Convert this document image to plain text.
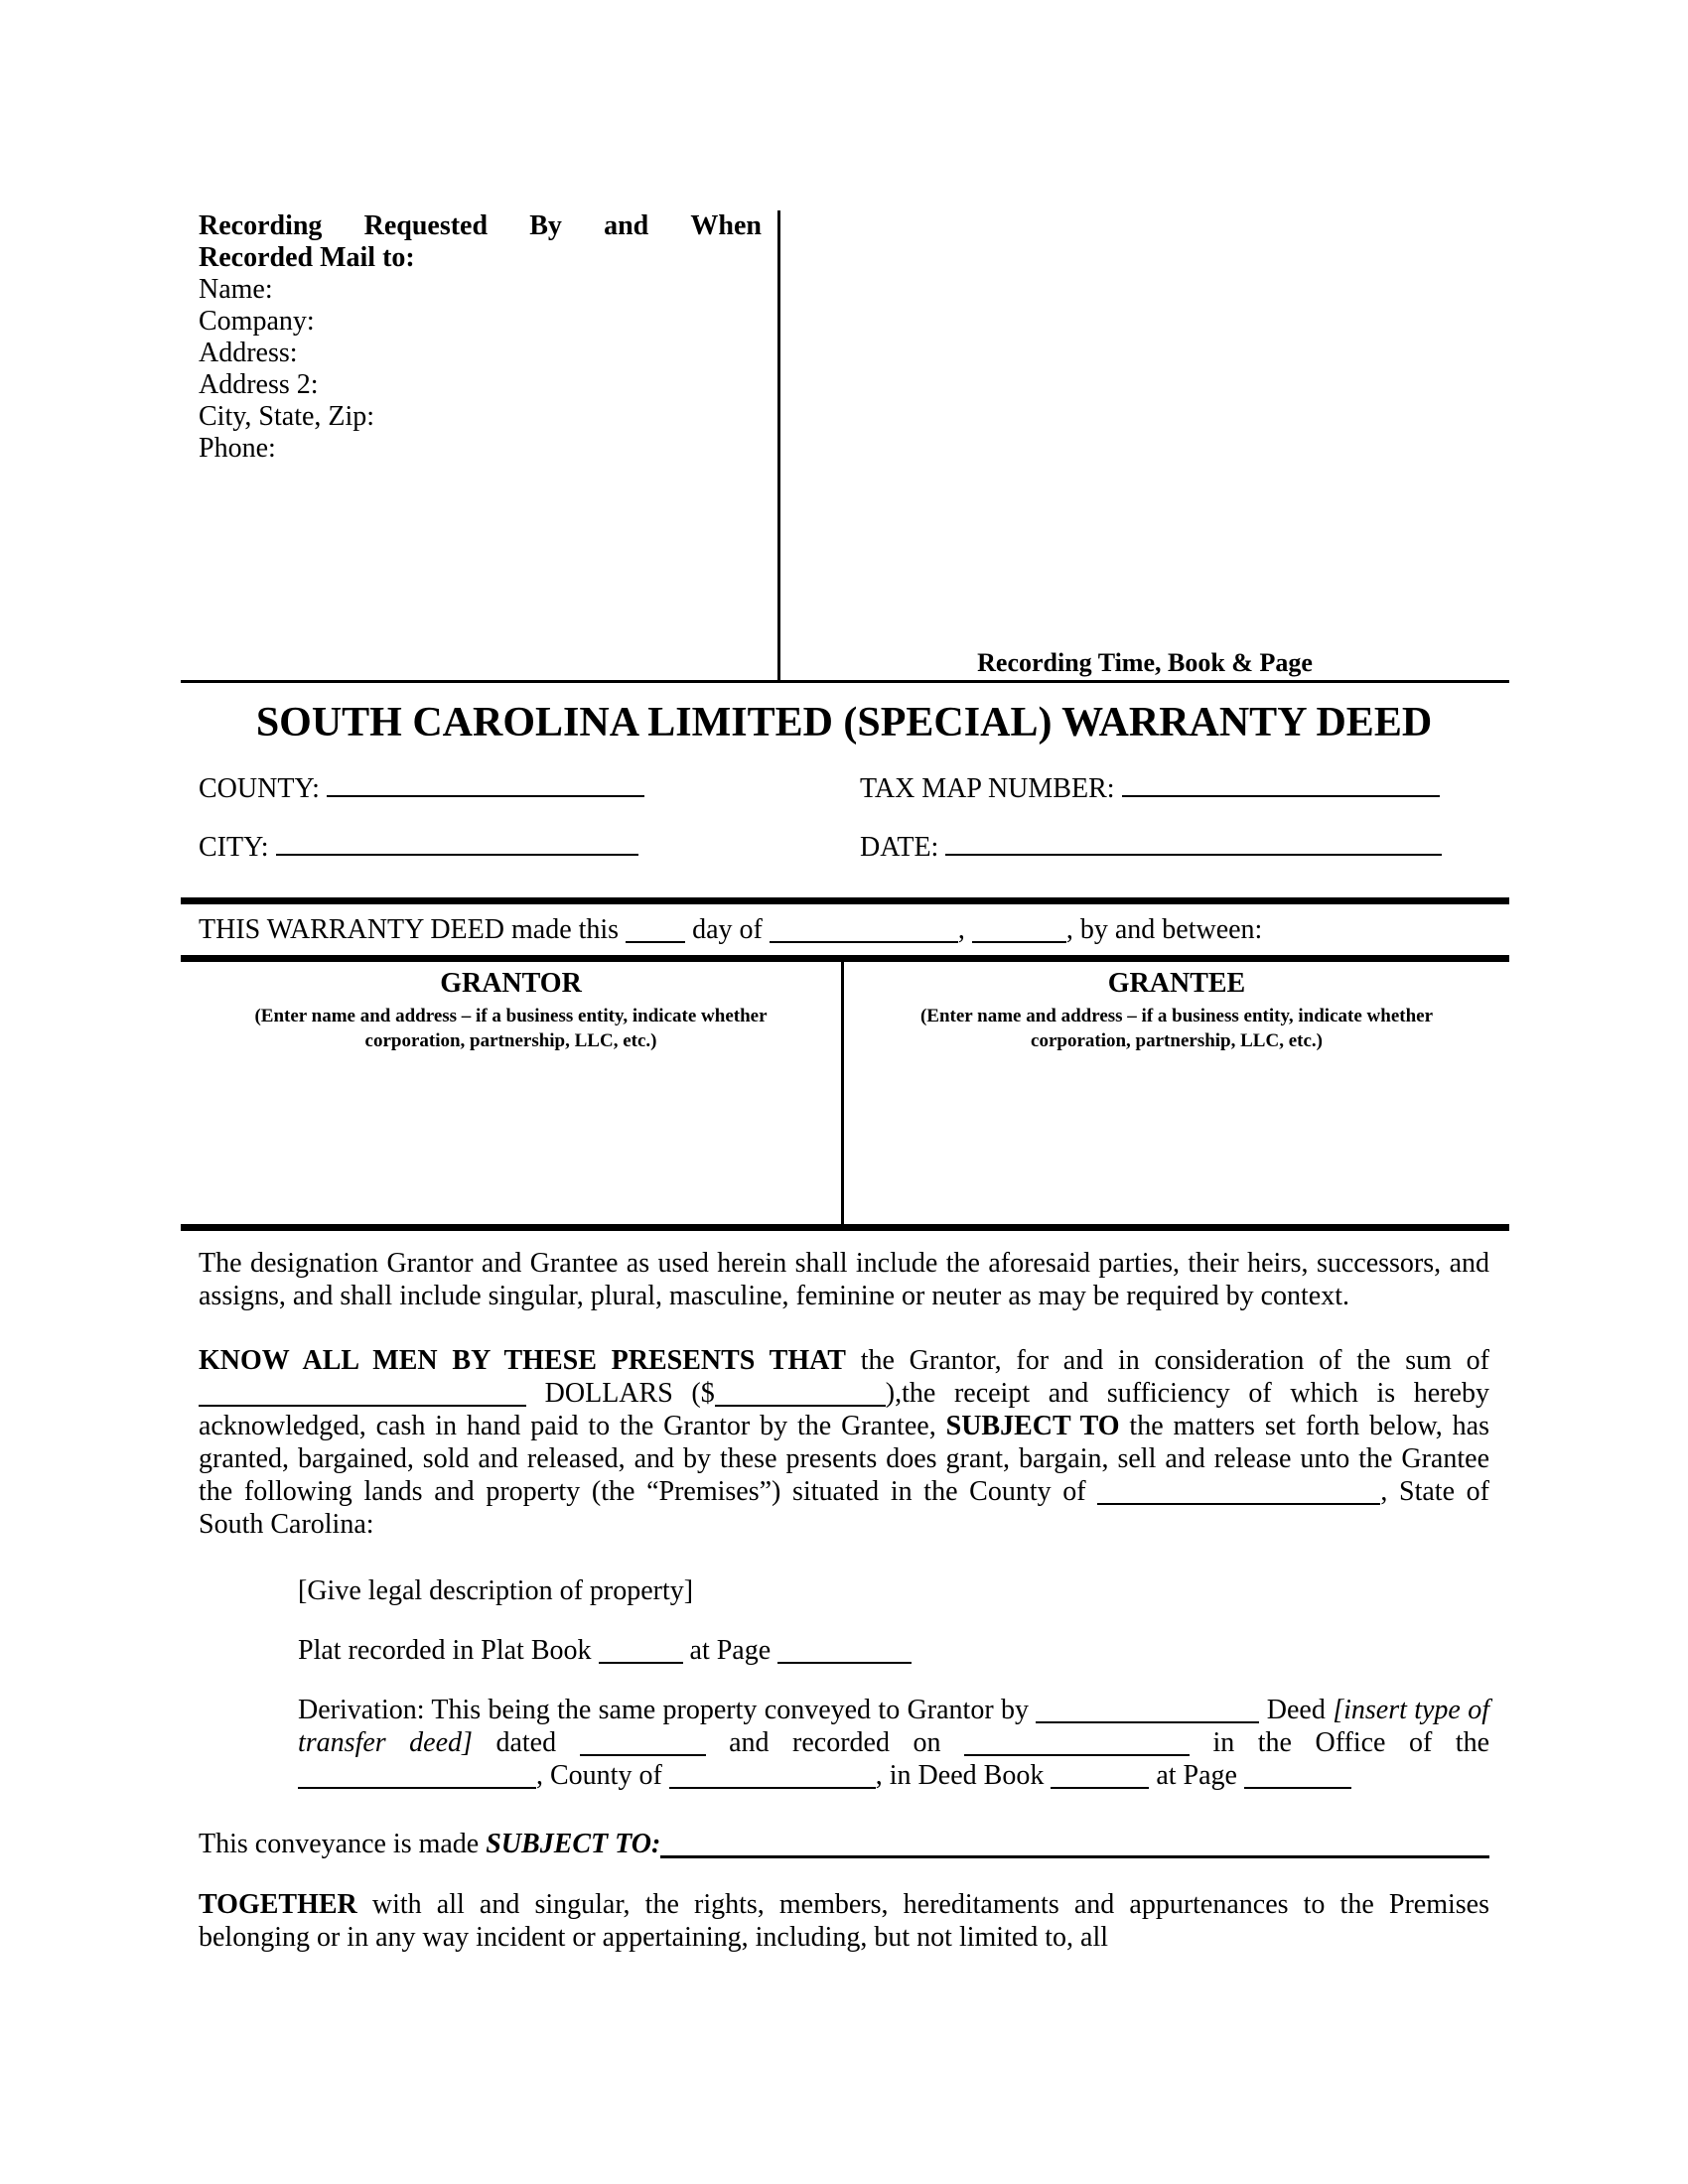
Recording Requested By and When
Recorded Mail to:
Name:
Company:
Address:
Address 2:
City, State, Zip:
Phone:
Recording Time, Book & Page
SOUTH CAROLINA LIMITED (SPECIAL) WARRANTY DEED
COUNTY:	TAX MAP NUMBER:
CITY:	DATE:
THIS WARRANTY DEED made this  day of	,	, by and between:
GRANTOR
(Enter name and address – if a business entity, indicate whether corporation, partnership, LLC, etc.)
GRANTEE
(Enter name and address – if a business entity, indicate whether corporation, partnership, LLC, etc.)
The designation Grantor and Grantee as used herein shall include the aforesaid parties, their heirs, successors, and assigns, and shall include singular, plural, masculine, feminine or neuter as may be required by context.
KNOW ALL MEN BY THESE PRESENTS THAT the Grantor, for and in consideration of the sum of  DOLLARS ($	),the receipt and sufficiency of which is hereby acknowledged, cash in hand paid to the Grantor by the Grantee, SUBJECT TO the matters set forth below, has granted, bargained, sold and released, and by these presents does grant, bargain, sell and release unto the Grantee the following lands and property (the “Premises”) situated in the County of	, State of South Carolina:
[Give legal description of property]
Plat recorded in Plat Book	at Page
Derivation: This being the same property conveyed to Grantor by	Deed [insert type of transfer deed] dated	and recorded on	in the Office of the , County of	, in Deed Book	at Page
This conveyance is made SUBJECT TO:
TOGETHER with all and singular, the rights, members, hereditaments and appurtenances to the Premises belonging or in any way incident or appertaining, including, but not limited to, all
